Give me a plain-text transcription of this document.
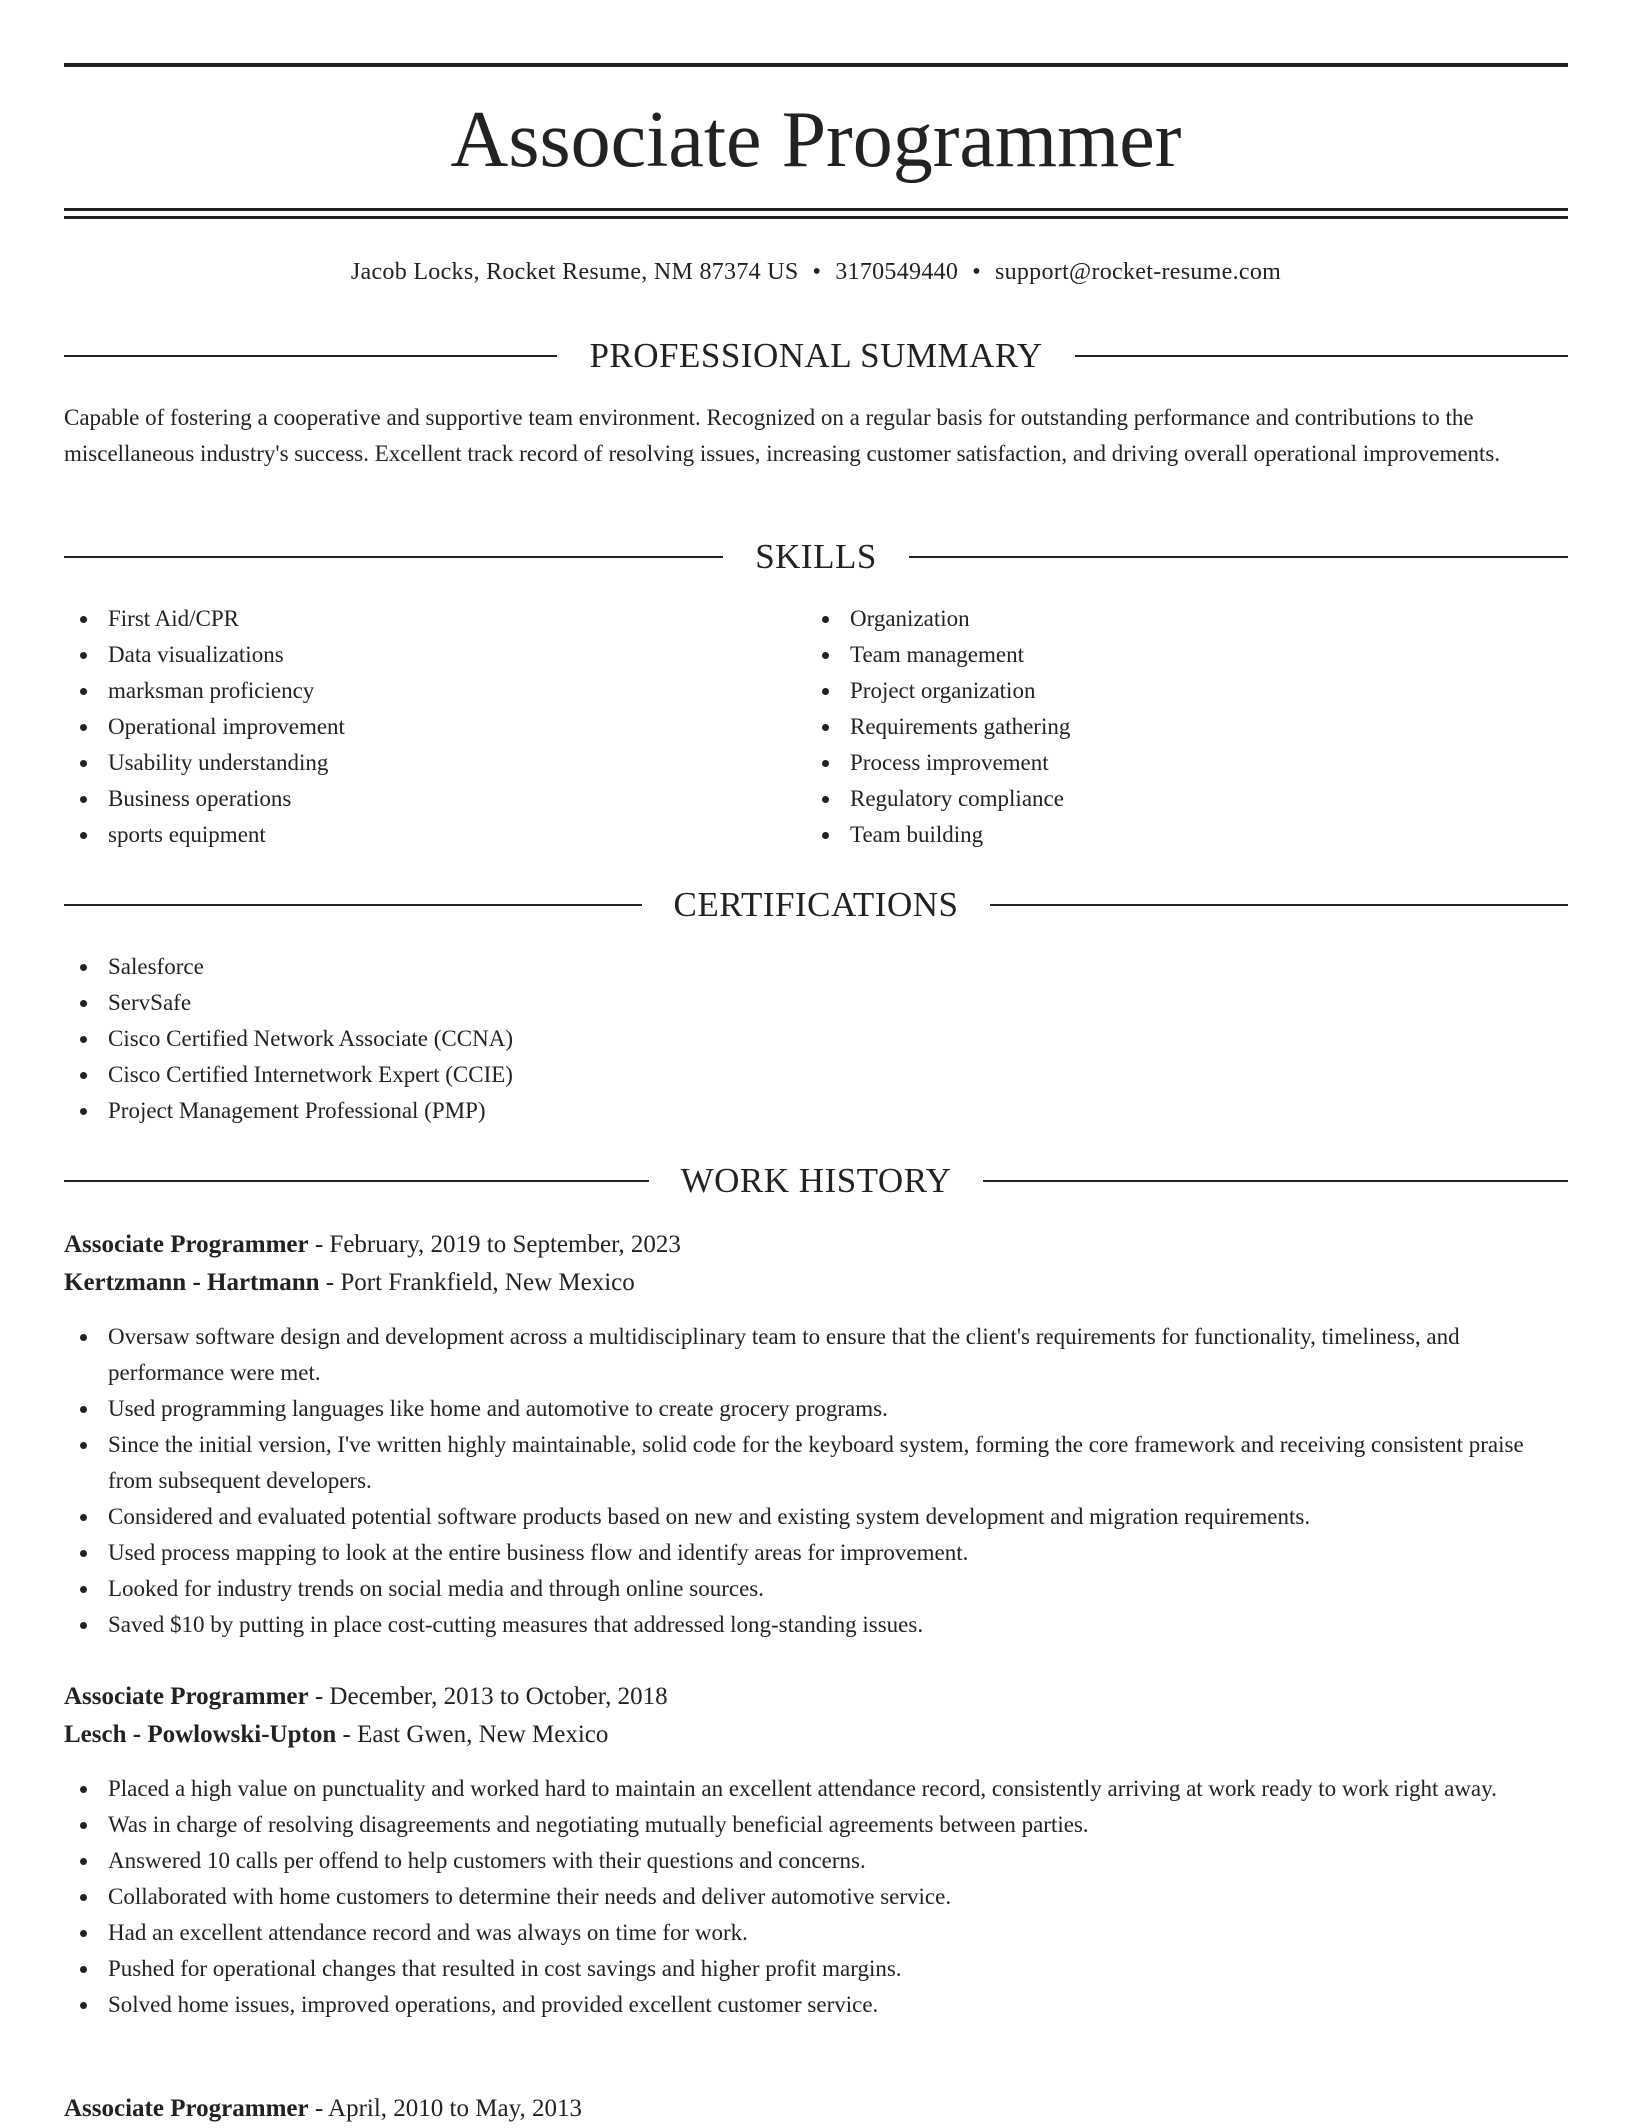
Associate Programmer
Jacob Locks, Rocket Resume, NM 87374 US • 3170549440 • support@rocket-resume.com
PROFESSIONAL SUMMARY

Capable of fostering a cooperative and supportive team environment. Recognized on a regular basis for outstanding performance and contributions to the miscellaneous industry's success. Excellent track record of resolving issues, increasing customer satisfaction, and driving overall operational improvements.

SKILLS
First Aid/CPR
Data visualizations
marksman proficiency
Operational improvement
Usability understanding
Business operations
sports equipment
Organization
Team management
Project organization
Requirements gathering
Process improvement
Regulatory compliance
Team building
CERTIFICATIONS
Salesforce
ServSafe
Cisco Certified Network Associate (CCNA)
Cisco Certified Internetwork Expert (CCIE)
Project Management Professional (PMP)
WORK HISTORY
Associate Programmer - February, 2019 to September, 2023
Kertzmann - Hartmann - Port Frankfield, New Mexico
Oversaw software design and development across a multidisciplinary team to ensure that the client's requirements for functionality, timeliness, and performance were met.
Used programming languages like home and automotive to create grocery programs.
Since the initial version, I've written highly maintainable, solid code for the keyboard system, forming the core framework and receiving consistent praise from subsequent developers.
Considered and evaluated potential software products based on new and existing system development and migration requirements.
Used process mapping to look at the entire business flow and identify areas for improvement.
Looked for industry trends on social media and through online sources.
Saved $10 by putting in place cost-cutting measures that addressed long-standing issues.
Associate Programmer - December, 2013 to October, 2018
Lesch - Powlowski-Upton - East Gwen, New Mexico
Placed a high value on punctuality and worked hard to maintain an excellent attendance record, consistently arriving at work ready to work right away.
Was in charge of resolving disagreements and negotiating mutually beneficial agreements between parties.
Answered 10 calls per offend to help customers with their questions and concerns.
Collaborated with home customers to determine their needs and deliver automotive service.
Had an excellent attendance record and was always on time for work.
Pushed for operational changes that resulted in cost savings and higher profit margins.
Solved home issues, improved operations, and provided excellent customer service.
Associate Programmer - April, 2010 to May, 2013
